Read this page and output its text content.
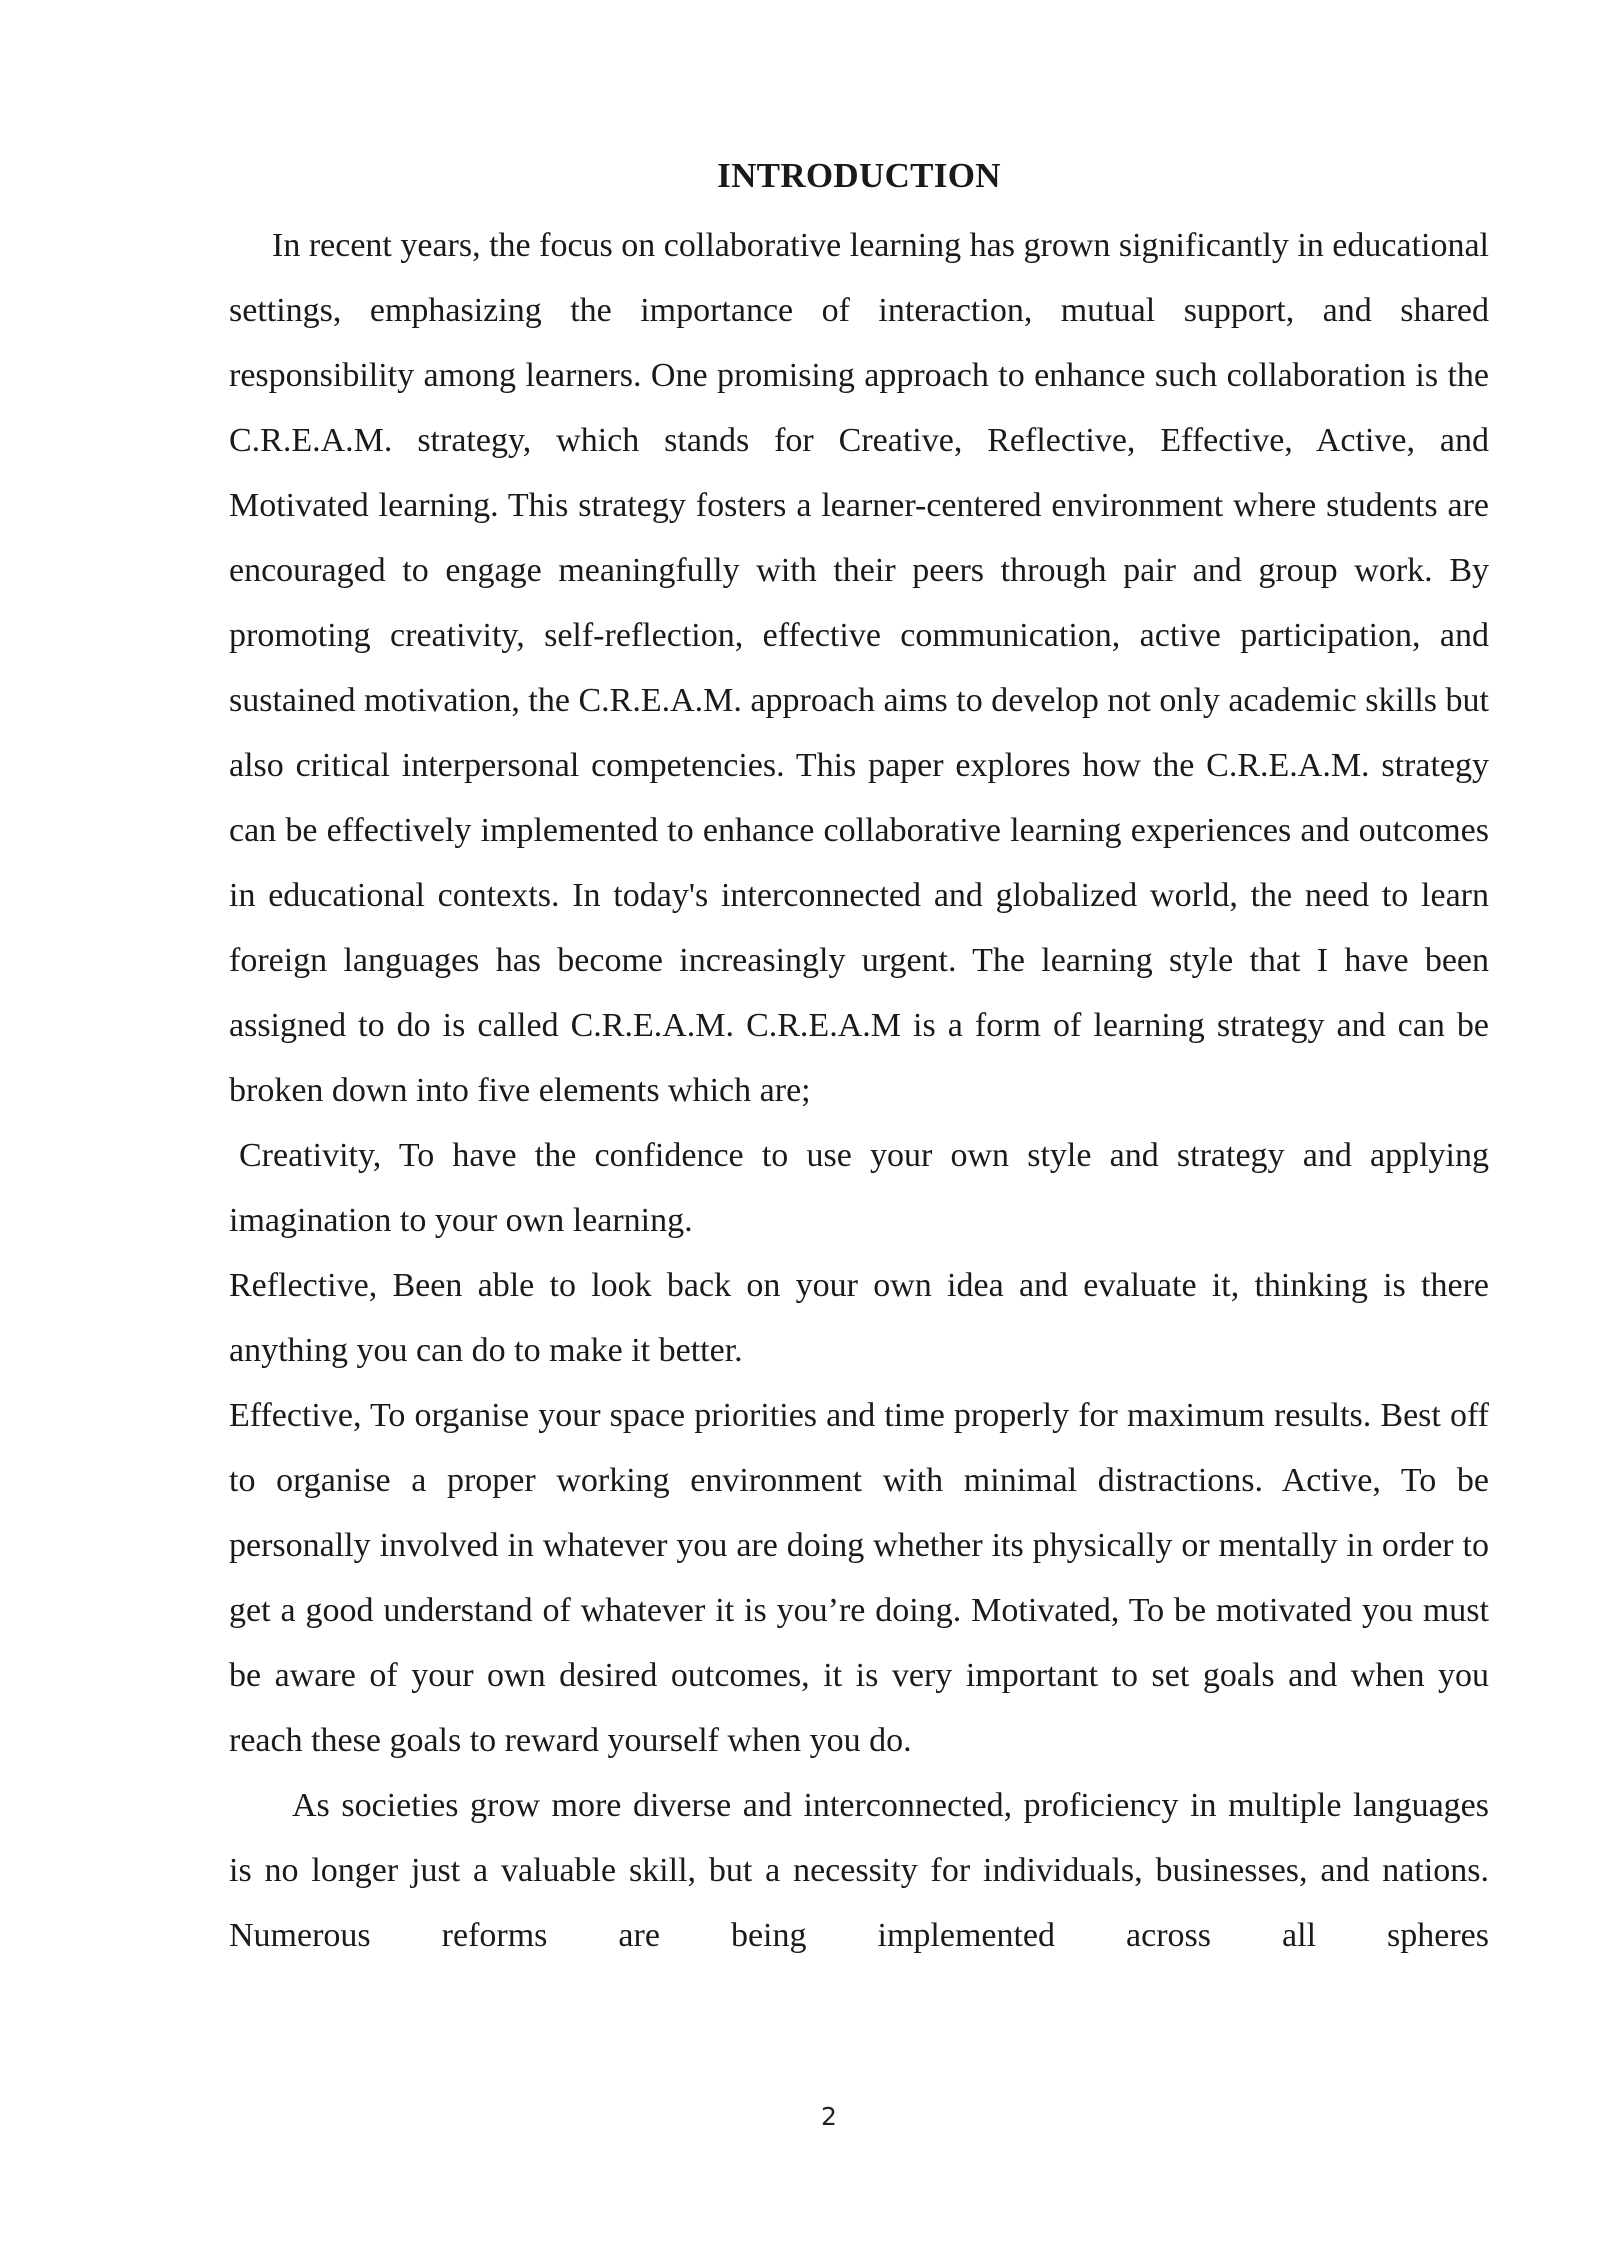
INTRODUCTION

In recent years, the focus on collaborative learning has grown significantly in educational settings, emphasizing the importance of interaction, mutual support, and shared responsibility among learners. One promising approach to enhance such collaboration is the C.R.E.A.M. strategy, which stands for Creative, Reflective, Effective, Active, and Motivated learning. This strategy fosters a learner-centered environment where students are encouraged to engage meaningfully with their peers through pair and group work. By promoting creativity, self-reflection, effective communication, active participation, and sustained motivation, the C.R.E.A.M. approach aims to develop not only academic skills but also critical interpersonal competencies. This paper explores how the C.R.E.A.M. strategy can be effectively implemented to enhance collaborative learning experiences and outcomes in educational contexts. In today's interconnected and globalized world, the need to learn foreign languages has become increasingly urgent. The learning style that I have been assigned to do is called C.R.E.A.M. C.R.E.A.M is a form of learning strategy and can be broken down into five elements which are;

Creativity, To have the confidence to use your own style and strategy and applying imagination to your own learning.

Reflective, Been able to look back on your own idea and evaluate it, thinking is there anything you can do to make it better.

Effective, To organise your space priorities and time properly for maximum results. Best off to organise a proper working environment with minimal distractions. Active, To be personally involved in whatever you are doing whether its physically or mentally in order to get a good understand of whatever it is you’re doing. Motivated, To be motivated you must be aware of your own desired outcomes, it is very important to set goals and when you reach these goals to reward yourself when you do.

As societies grow more diverse and interconnected, proficiency in multiple languages is no longer just a valuable skill, but a necessity for individuals, businesses, and nations. Numerous reforms are being implemented across all spheres

2
